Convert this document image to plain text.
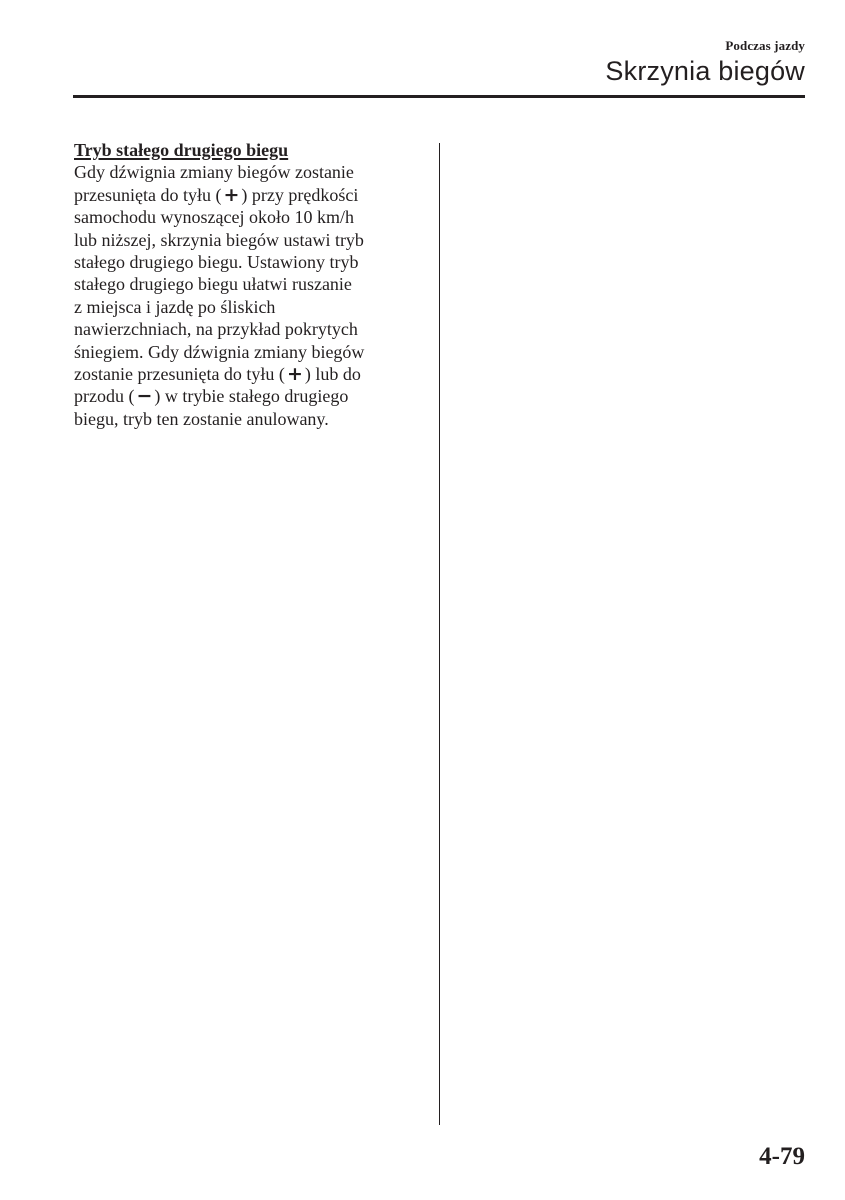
Podczas jazdy
Skrzynia biegów

Tryb stałego drugiego biegu

Gdy dźwignia zmiany biegów zostanie
przesunięta do tyłu ( + ) przy prędkości
samochodu wynoszącej około 10 km/h
lub niższej, skrzynia biegów ustawi tryb
stałego drugiego biegu. Ustawiony tryb
stałego drugiego biegu ułatwi ruszanie
z miejsca i jazdę po śliskich
nawierzchniach, na przykład pokrytych
śniegiem. Gdy dźwignia zmiany biegów
zostanie przesunięta do tyłu ( + ) lub do
przodu ( − ) w trybie stałego drugiego
biegu, tryb ten zostanie anulowany.
4-79
